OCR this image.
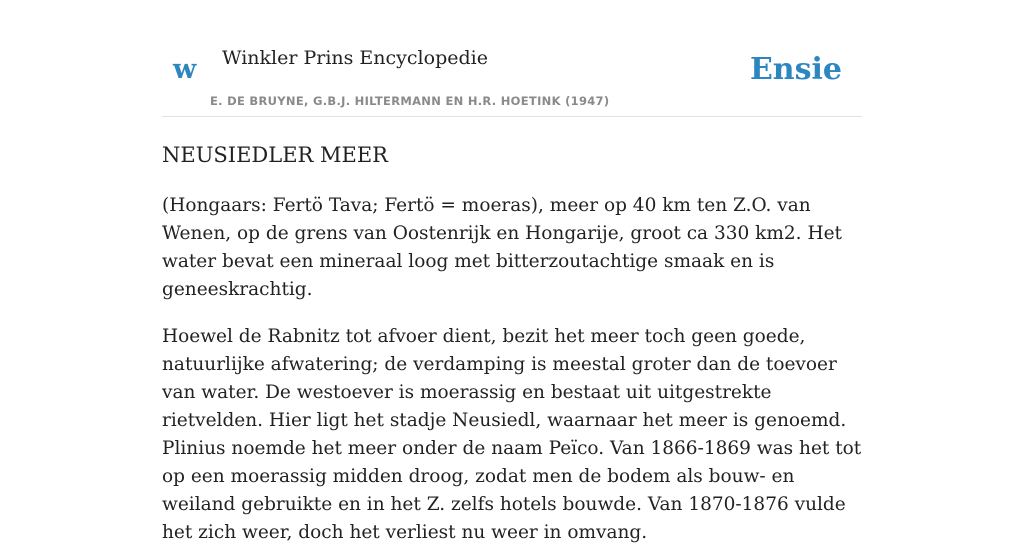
w Winkler Prins Encyclopedie
E. DE BRUYNE, G.B.J. HILTERMANN EN H.R. HOETINK (1947)
Ensie
NEUSIEDLER MEER

(Hongaars: Fertö Tava; Fertö = moeras), meer op 40 km ten Z.O. van Wenen, op de grens van Oostenrijk en Hongarije, groot ca 330 km2. Het water bevat een mineraal loog met bitterzoutachtige smaak en is geneeskrachtig.

Hoewel de Rabnitz tot afvoer dient, bezit het meer toch geen goede, natuurlijke afwatering; de verdamping is meestal groter dan de toevoer van water. De westoever is moerassig en bestaat uit uitgestrekte rietvelden. Hier ligt het stadje Neusiedl, waarnaar het meer is genoemd. Plinius noemde het meer onder de naam Peïco. Van 1866-1869 was het tot op een moerassig midden droog, zodat men de bodem als bouw- en weiland gebruikte en in het Z. zelfs hotels bouwde. Van 1870-1876 vulde het zich weer, doch het verliest nu weer in omvang.
